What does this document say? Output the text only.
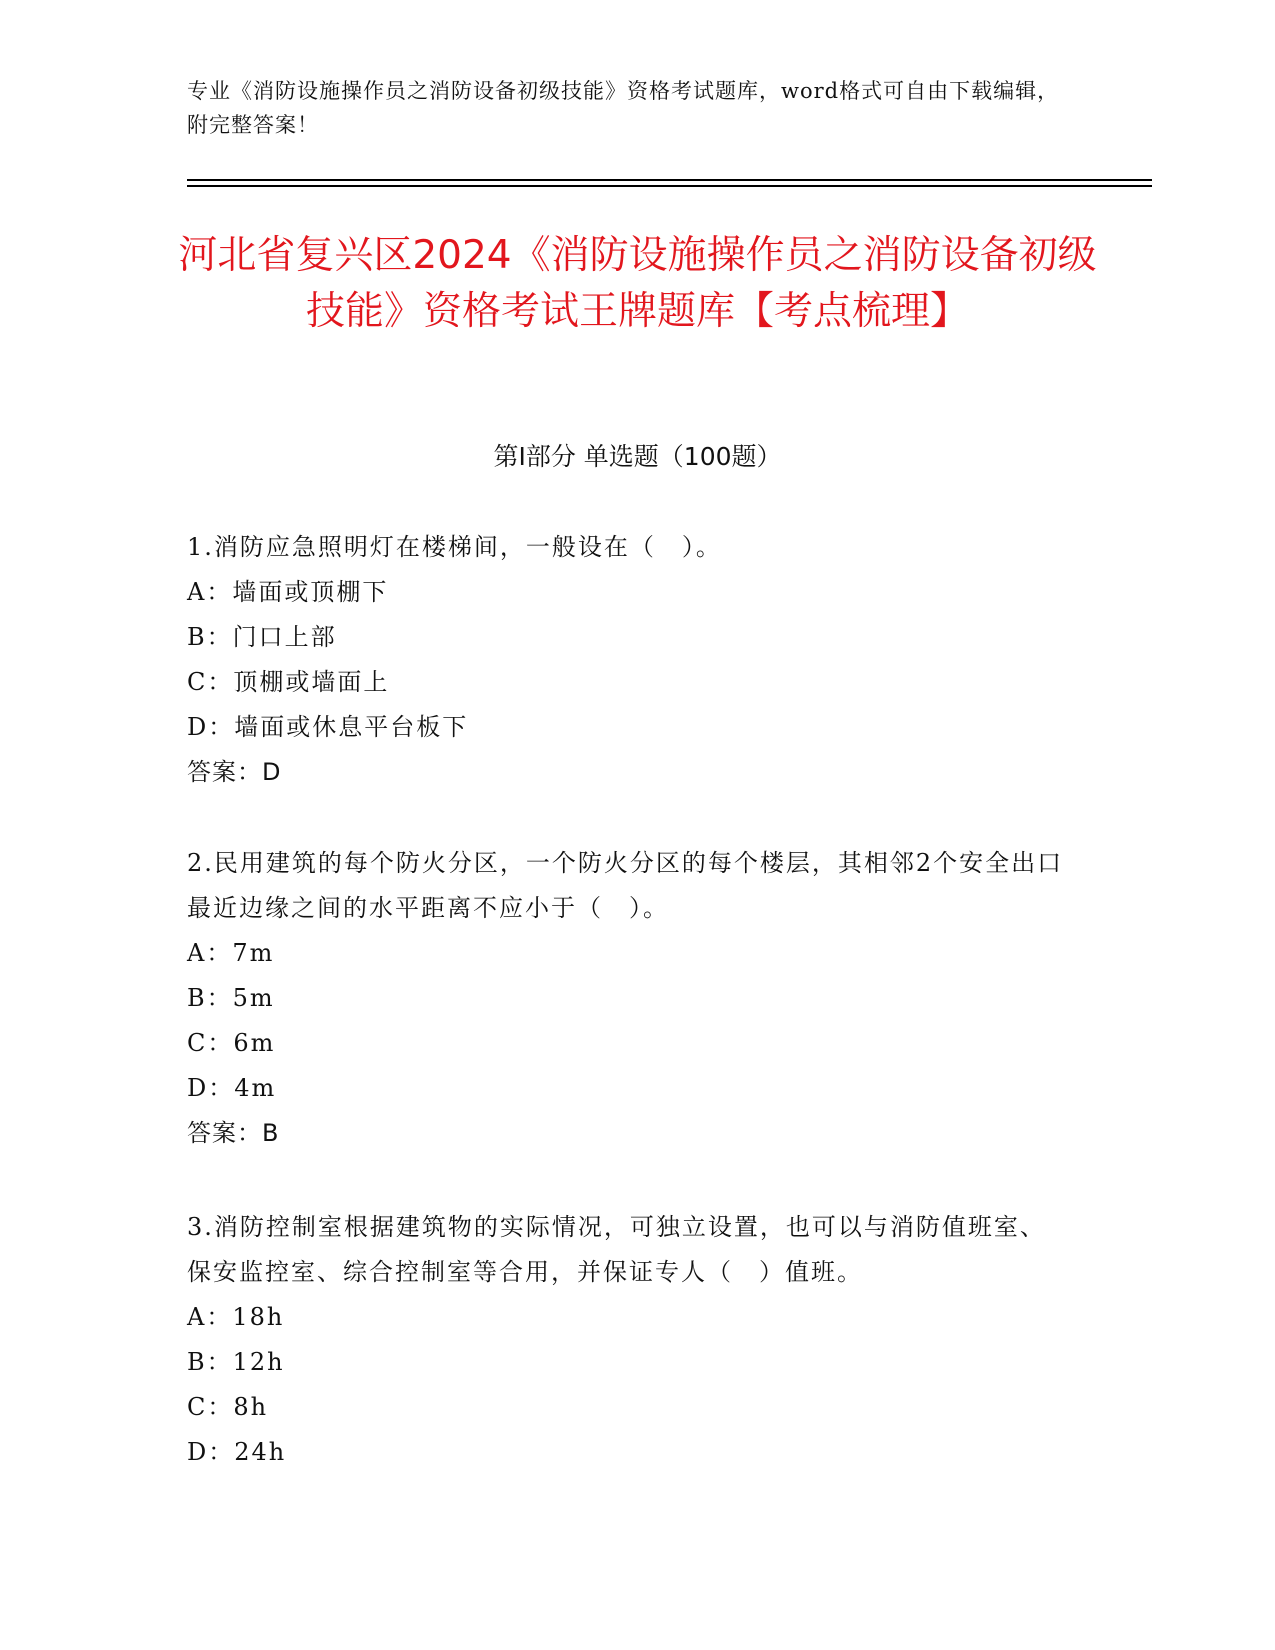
专业《消防设施操作员之消防设备初级技能》资格考试题库，word格式可自由下载编辑，附完整答案！
河北省复兴区2024《消防设施操作员之消防设备初级技能》资格考试王牌题库【考点梳理】
第I部分 单选题（100题）
1.消防应急照明灯在楼梯间，一般设在（　）。
A：墙面或顶棚下
B：门口上部
C：顶棚或墙面上
D：墙面或休息平台板下
答案：D
2.民用建筑的每个防火分区，一个防火分区的每个楼层，其相邻2个安全出口最近边缘之间的水平距离不应小于（　）。
A：7m
B：5m
C：6m
D：4m
答案：B
3.消防控制室根据建筑物的实际情况，可独立设置，也可以与消防值班室、保安监控室、综合控制室等合用，并保证专人（　）值班。
A：18h
B：12h
C：8h
D：24h
